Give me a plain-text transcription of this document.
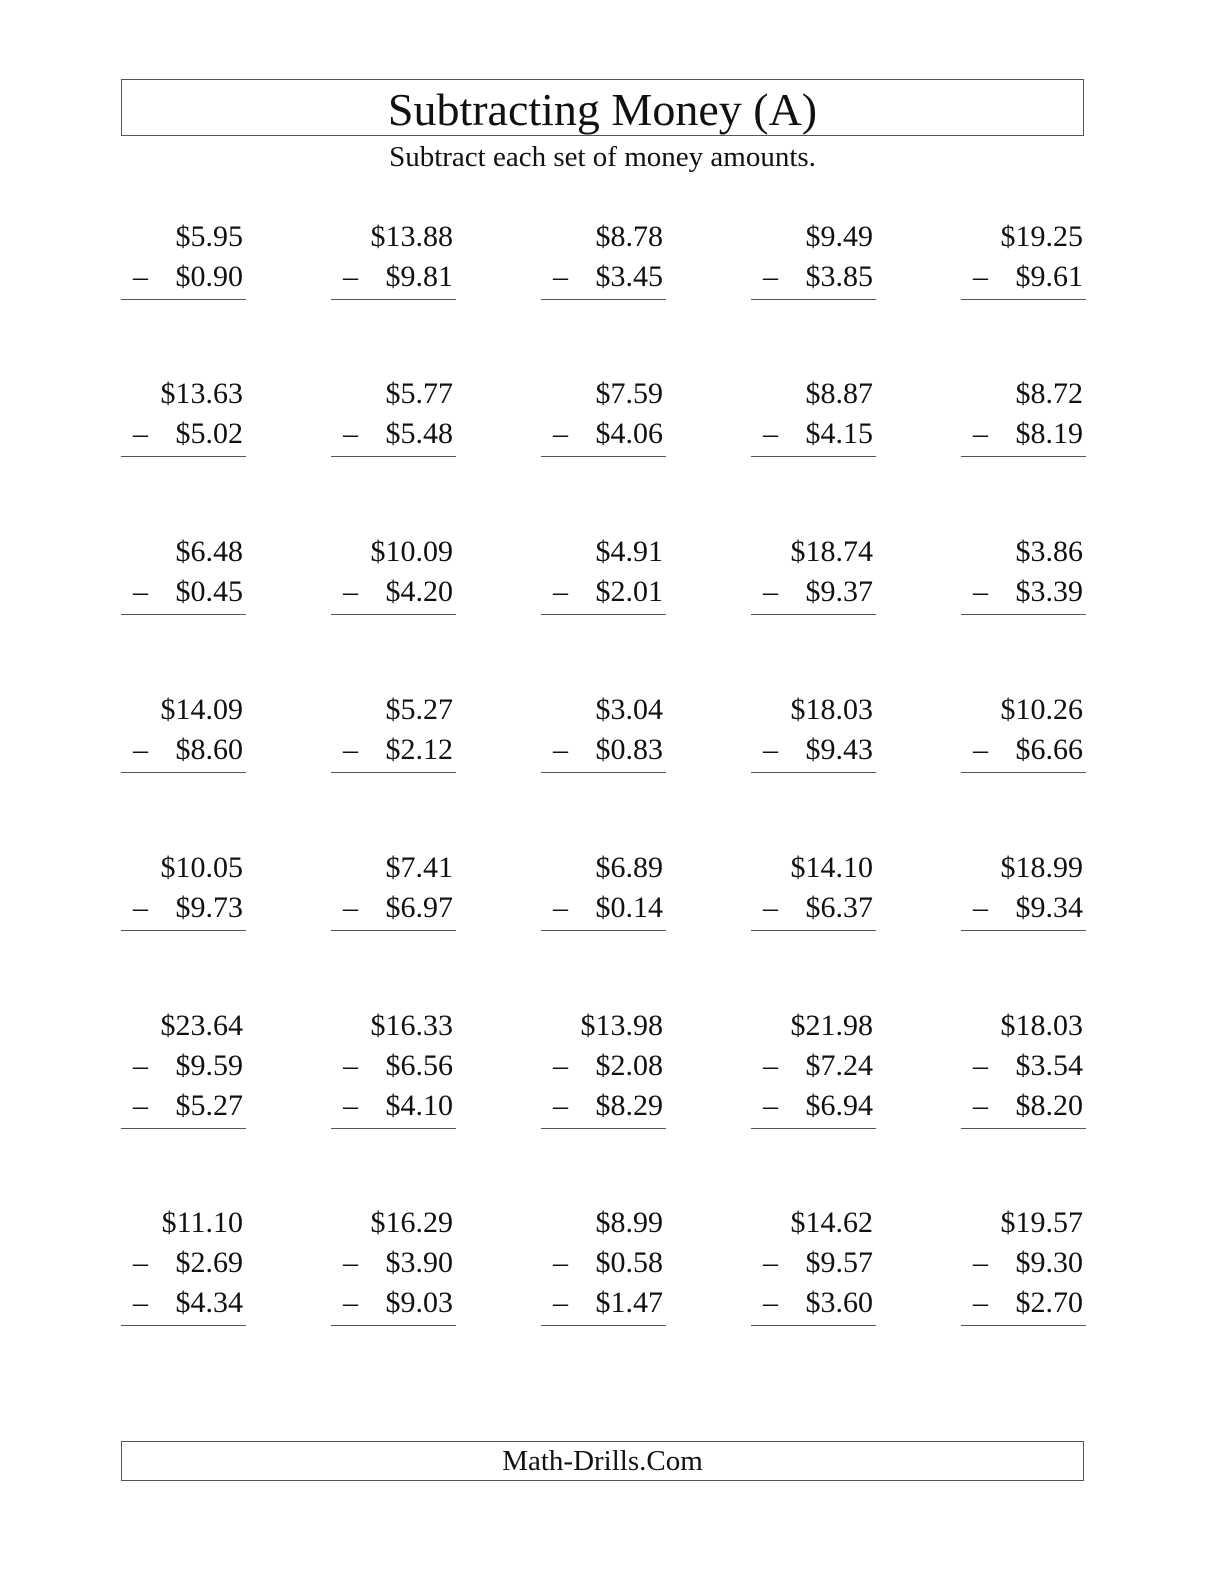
Subtracting Money (A)
Subtract each set of money amounts.
$5.95
– $0.90
$13.88
– $9.81
$8.78
– $3.45
$9.49
– $3.85
$19.25
– $9.61
$13.63
– $5.02
$5.77
– $5.48
$7.59
– $4.06
$8.87
– $4.15
$8.72
– $8.19
$6.48
– $0.45
$10.09
– $4.20
$4.91
– $2.01
$18.74
– $9.37
$3.86
– $3.39
$14.09
– $8.60
$5.27
– $2.12
$3.04
– $0.83
$18.03
– $9.43
$10.26
– $6.66
$10.05
– $9.73
$7.41
– $6.97
$6.89
– $0.14
$14.10
– $6.37
$18.99
– $9.34
$23.64
– $9.59
– $5.27
$16.33
– $6.56
– $4.10
$13.98
– $2.08
– $8.29
$21.98
– $7.24
– $6.94
$18.03
– $3.54
– $8.20
$11.10
– $2.69
– $4.34
$16.29
– $3.90
– $9.03
$8.99
– $0.58
– $1.47
$14.62
– $9.57
– $3.60
$19.57
– $9.30
– $2.70
Math-Drills.Com
